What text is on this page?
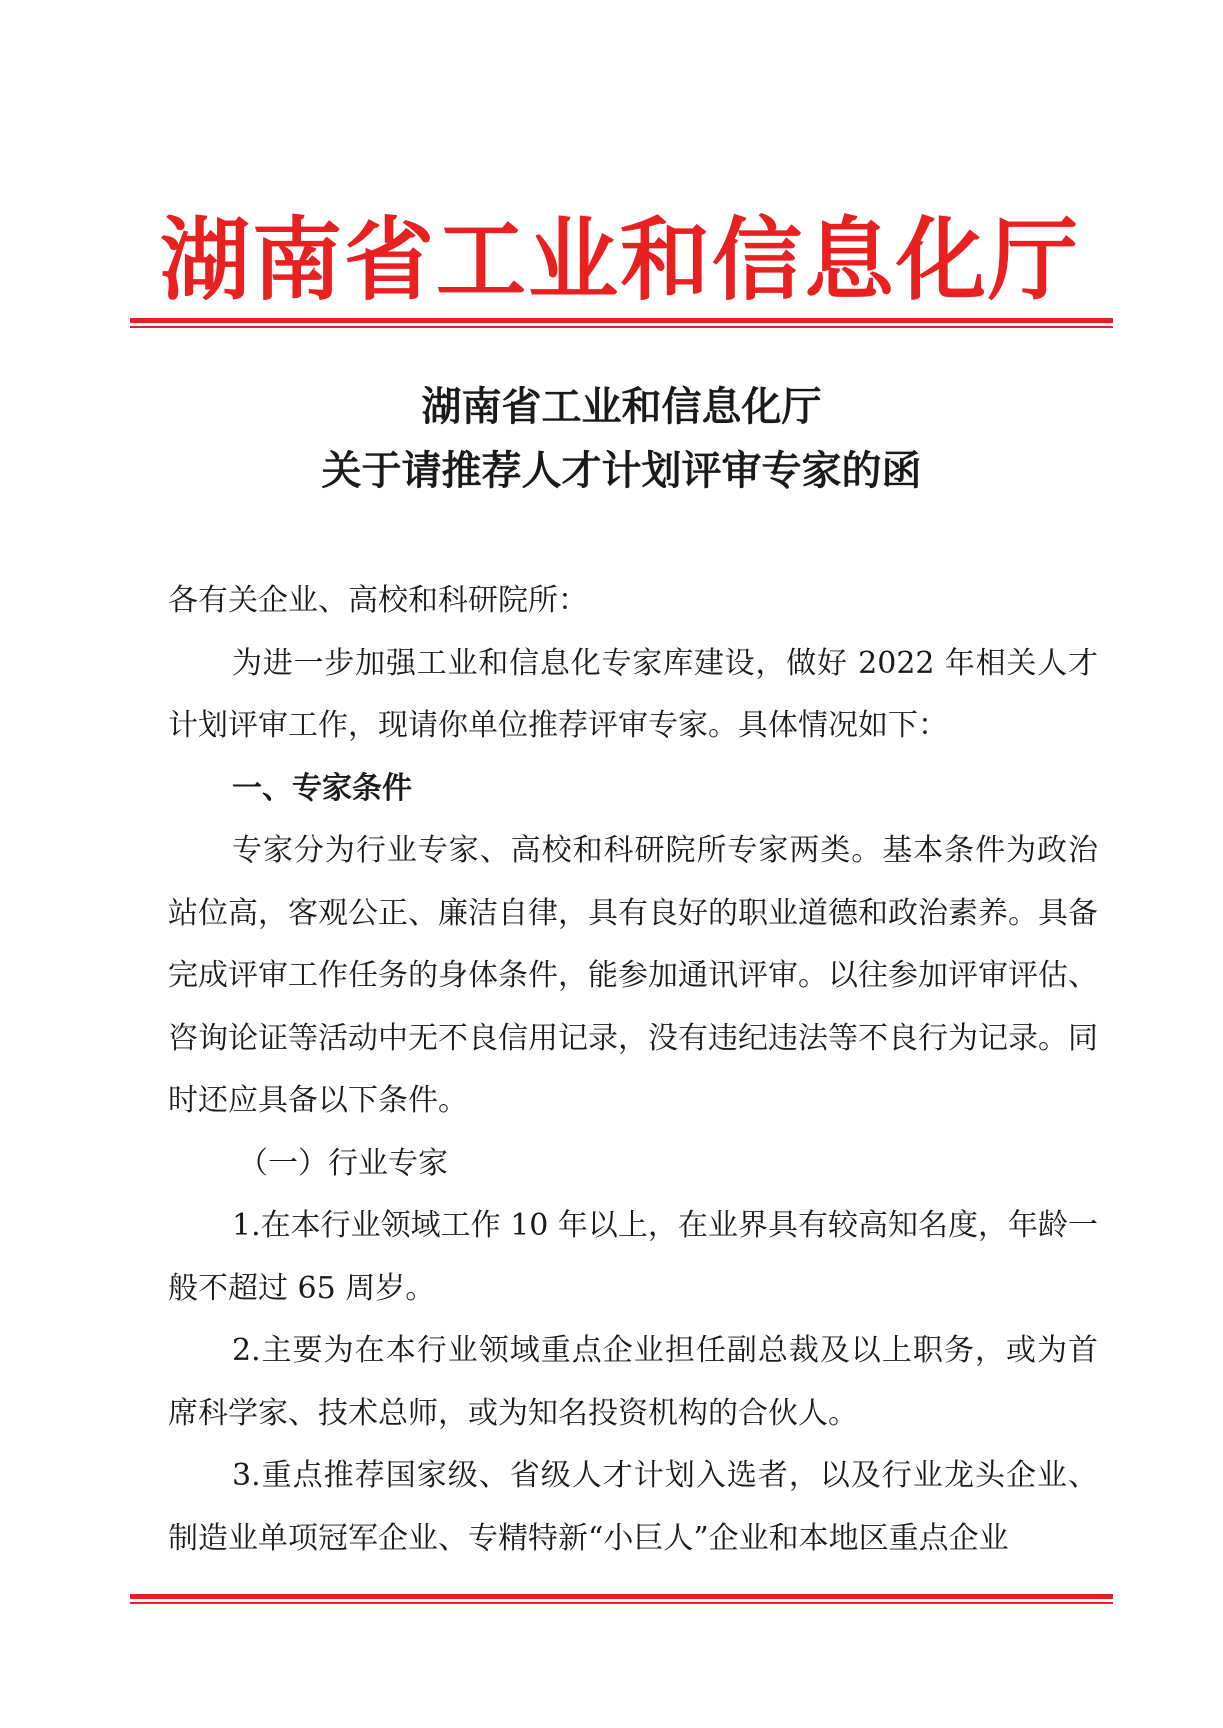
湖南省工业和信息化厅
湖南省工业和信息化厅
关于请推荐人才计划评审专家的函

各有关企业、高校和科研院所：

为进一步加强工业和信息化专家库建设，做好 2022 年相关人才计划评审工作，现请你单位推荐评审专家。具体情况如下：

一、专家条件

专家分为行业专家、高校和科研院所专家两类。基本条件为政治站位高，客观公正、廉洁自律，具有良好的职业道德和政治素养。具备完成评审工作任务的身体条件，能参加通讯评审。以往参加评审评估、咨询论证等活动中无不良信用记录，没有违纪违法等不良行为记录。同时还应具备以下条件。

（一）行业专家

1.在本行业领域工作 10 年以上，在业界具有较高知名度，年龄一般不超过 65 周岁。

2.主要为在本行业领域重点企业担任副总裁及以上职务，或为首席科学家、技术总师，或为知名投资机构的合伙人。

3.重点推荐国家级、省级人才计划入选者，以及行业龙头企业、制造业单项冠军企业、专精特新“小巨人”企业和本地区重点企业
